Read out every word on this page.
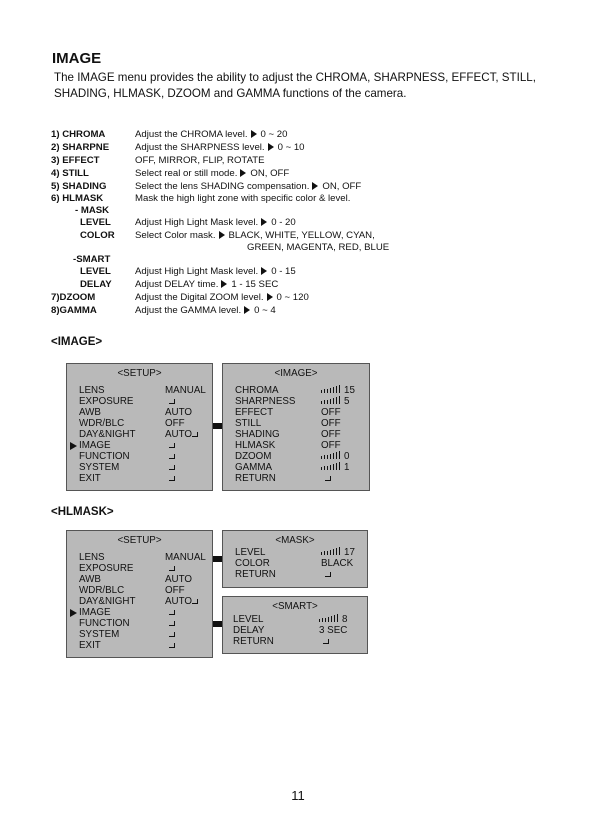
IMAGE
The IMAGE menu provides the ability to adjust the CHROMA, SHARPNESS, EFFECT, STILL, SHADING, HLMASK, DZOOM and GAMMA functions of the camera.
1) CHROMA	Adjust the CHROMA level. 0 ~ 20
2) SHARPNE	Adjust the SHARPNESS level. 0 ~ 10
3) EFFECT	OFF, MIRROR, FLIP, ROTATE
4) STILL	Select real or still mode. ON, OFF
5) SHADING	Select the lens SHADING compensation. ON, OFF
6) HLMASK	Mask the high light zone with specific color & level.
- MASK
LEVEL	Adjust High Light Mask level. 0 - 20
COLOR Select Color mask. BLACK, WHITE, YELLOW, CYAN,
GREEN, MAGENTA, RED, BLUE
-SMART
LEVEL	Adjust High Light Mask level. 0 - 15
DELAY Adjust DELAY time. 1 - 15 SEC
7)DZOOM	Adjust the Digital ZOOM level. 0 ~ 120
8)GAMMA	Adjust the GAMMA level. 0 ~ 4
<IMAGE>
<SETUP>
LENS	MANUAL
EXPOSURE
AWB	AUTO
WDR/BLC	OFF
DAY&NIGHT	AUTO
IMAGE
FUNCTION
SYSTEM
EXIT
<IMAGE>
CHROMA	15
SHARPNESS	5
EFFECT	OFF
STILL	OFF
SHADING	OFF
HLMASK	OFF
DZOOM	0
GAMMA	1
RETURN
<HLMASK>
<SETUP>
LENS	MANUAL
EXPOSURE
AWB	AUTO
WDR/BLC	OFF
DAY&NIGHT	AUTO
IMAGE
FUNCTION
SYSTEM
EXIT
<MASK>
LEVEL	17
COLOR	BLACK
RETURN
<SMART>
LEVEL	8
DELAY	3 SEC
RETURN
11
